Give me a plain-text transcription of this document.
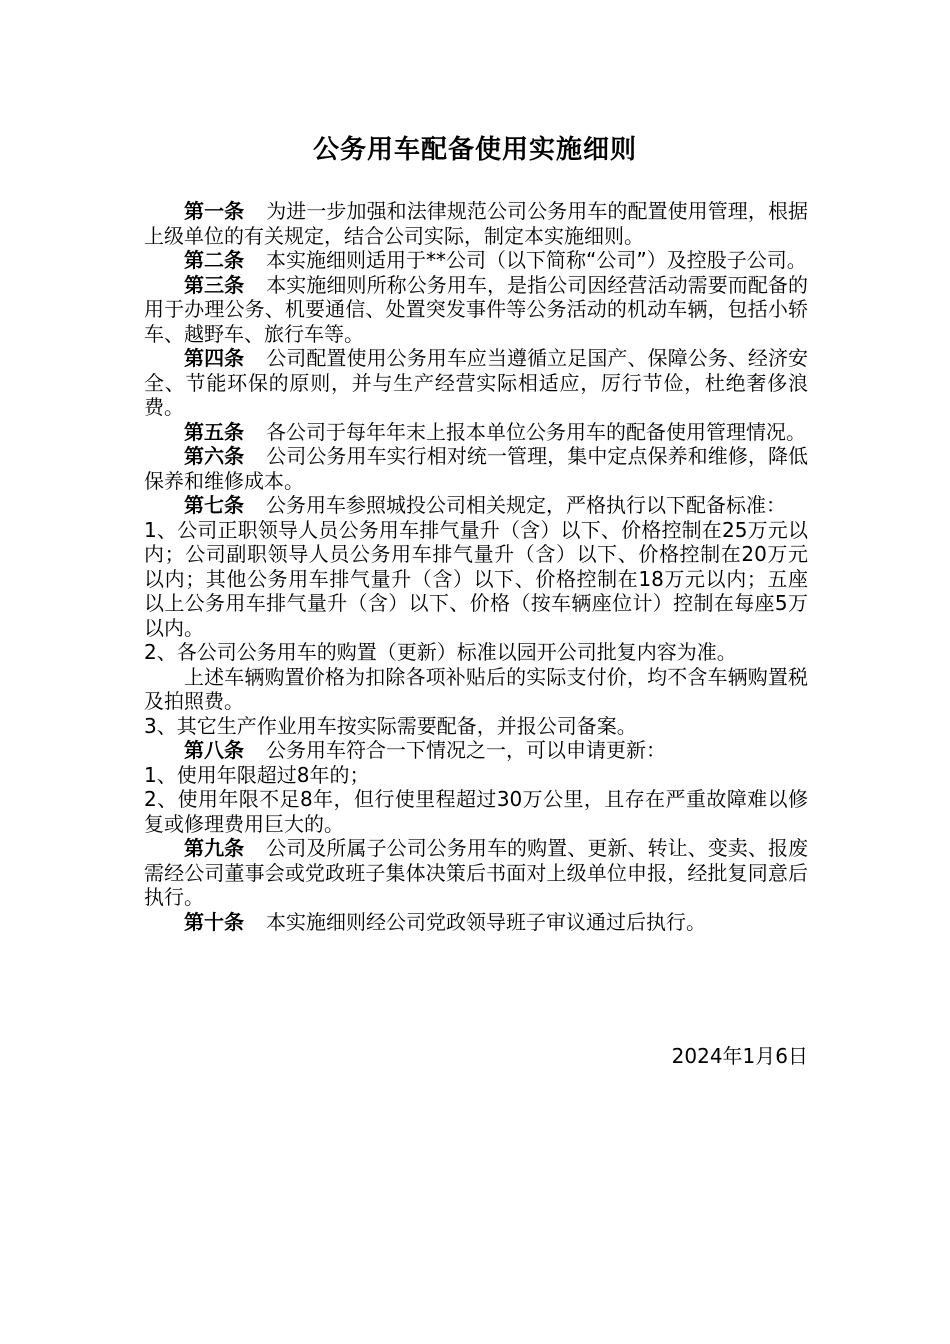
公务用车配备使用实施细则

第一条 为进一步加强和法律规范公司公务用车的配置使用管理，根据上级单位的有关规定，结合公司实际，制定本实施细则。

第二条 本实施细则适用于**公司（以下简称“公司”）及控股子公司。

第三条 本实施细则所称公务用车，是指公司因经营活动需要而配备的用于办理公务、机要通信、处置突发事件等公务活动的机动车辆，包括小轿车、越野车、旅行车等。

第四条 公司配置使用公务用车应当遵循立足国产、保障公务、经济安全、节能环保的原则，并与生产经营实际相适应，厉行节俭，杜绝奢侈浪费。

第五条 各公司于每年年末上报本单位公务用车的配备使用管理情况。

第六条 公司公务用车实行相对统一管理，集中定点保养和维修，降低保养和维修成本。

第七条 公务用车参照城投公司相关规定，严格执行以下配备标准：

1、公司正职领导人员公务用车排气量升（含）以下、价格控制在25万元以内；公司副职领导人员公务用车排气量升（含）以下、价格控制在20万元以内；其他公务用车排气量升（含）以下、价格控制在18万元以内；五座以上公务用车排气量升（含）以下、价格（按车辆座位计）控制在每座5万以内。

2、各公司公务用车的购置（更新）标准以园开公司批复内容为准。

上述车辆购置价格为扣除各项补贴后的实际支付价，均不含车辆购置税及拍照费。

3、其它生产作业用车按实际需要配备，并报公司备案。

第八条 公务用车符合一下情况之一，可以申请更新：

1、使用年限超过8年的；

2、使用年限不足8年，但行使里程超过30万公里，且存在严重故障难以修复或修理费用巨大的。

第九条 公司及所属子公司公务用车的购置、更新、转让、变卖、报废需经公司董事会或党政班子集体决策后书面对上级单位申报，经批复同意后执行。

第十条 本实施细则经公司党政领导班子审议通过后执行。

2024年1月6日
